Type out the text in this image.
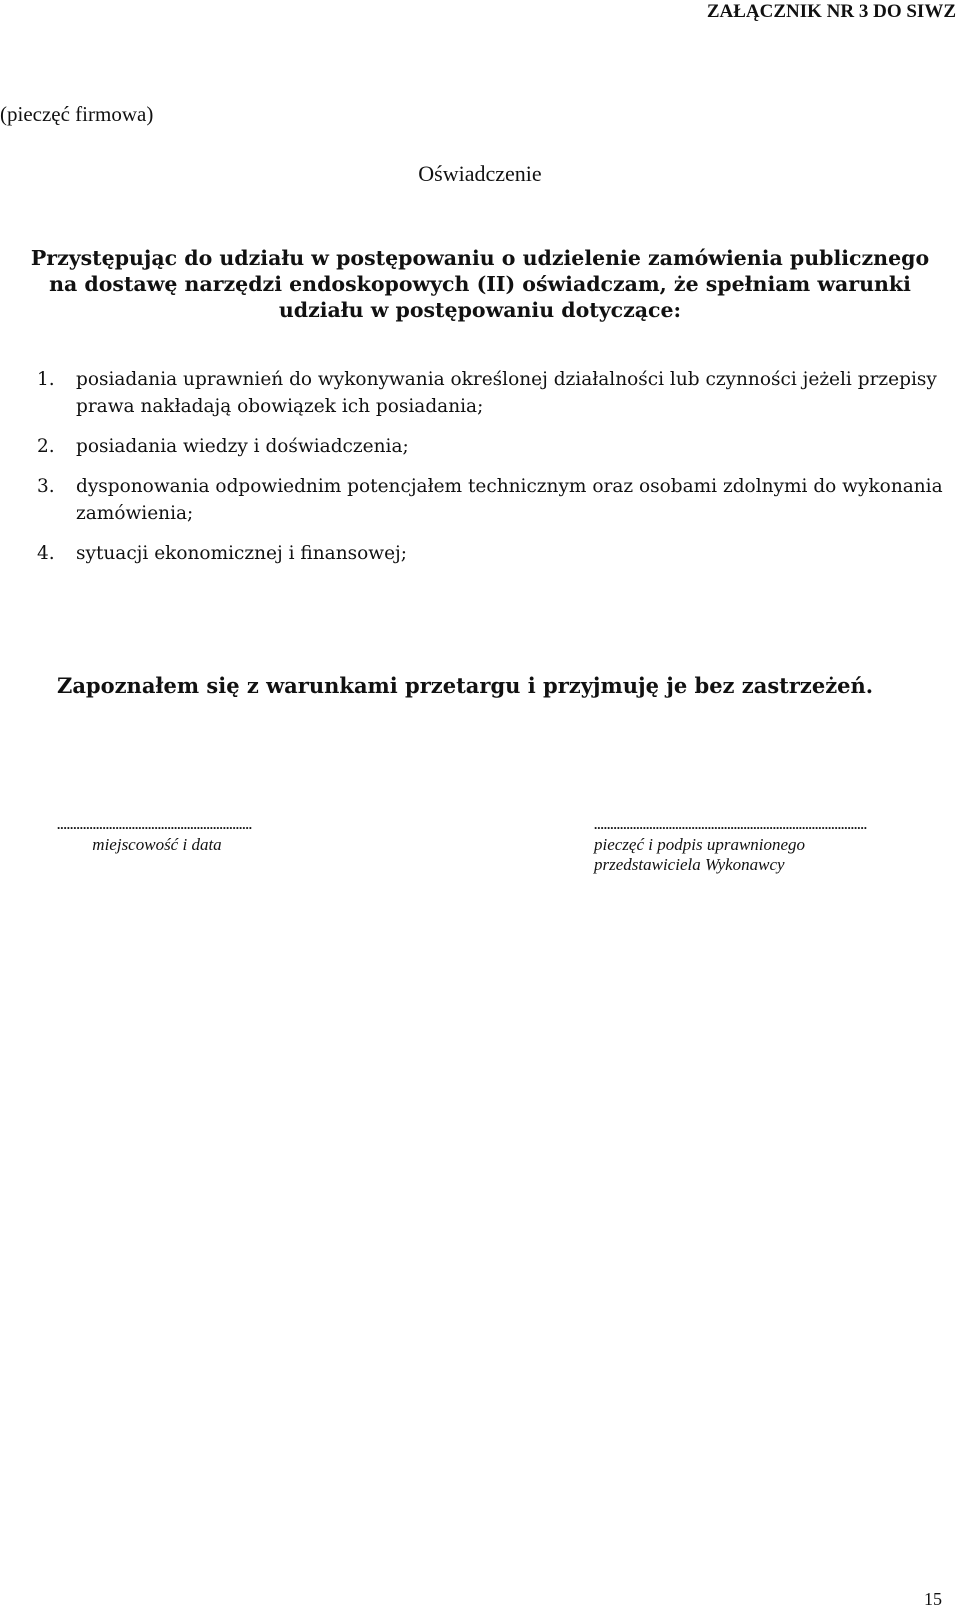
ZAŁĄCZNIK NR 3 DO SIWZ
(pieczęć firmowa)
Oświadczenie
Przystępując do udziału w postępowaniu o udzielenie zamówienia publicznego na dostawę narzędzi endoskopowych (II) oświadczam, że spełniam warunki udziału w postępowaniu dotyczące:
1. posiadania uprawnień do wykonywania określonej działalności lub czynności jeżeli przepisy prawa nakładają obowiązek ich posiadania;
2. posiadania wiedzy i doświadczenia;
3. dysponowania odpowiednim potencjałem technicznym oraz osobami zdolnymi do wykonania zamówienia;
4. sytuacji ekonomicznej i finansowej;

Zapoznałem się z warunkami przetargu i przyjmuję je bez zastrzeżeń.

............................................................
miejscowość i data
....................................................................................
pieczęć i podpis uprawnionego
przedstawiciela Wykonawcy
15
